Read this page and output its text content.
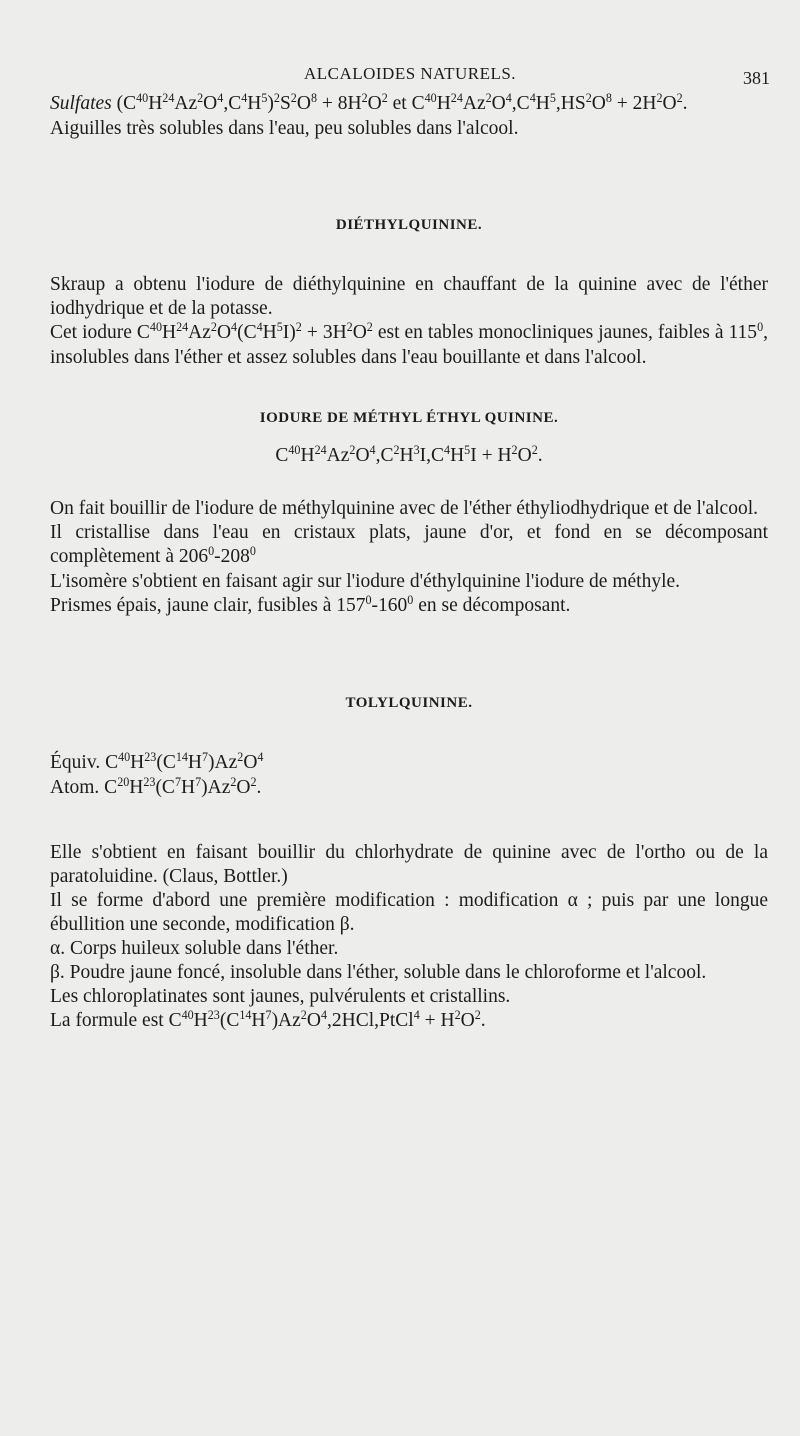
ALCALOIDES NATURELS.	381

Sulfates $(C^{40}H^{24}Az^2O^4,C^4H^5)^2S^2O^8 + 8H^2O^2$ et $C^{40}H^{24}Az^2O^4,C^4H^5,HS^2O^8 + 2H^2O^2$.

Aiguilles très solubles dans l'eau, peu solubles dans l'alcool.

DIÉTHYLQUININE.

Skraup a obtenu l'iodure de diéthylquinine en chauffant de la quinine avec de l'éther iodhydrique et de la potasse.

Cet iodure $C^{40}H^{24}Az^2O^4(C^4H^5I)^2 + 3H^2O^2$ est en tables monocliniques jaunes, faibles à $115^0$, insolubles dans l'éther et assez solubles dans l'eau bouillante et dans l'alcool.

IODURE DE MÉTHYL ÉTHYL QUININE.

$C^{40}H^{24}Az^2O^4,C^2H^3I,C^4H^5I + H^2O^2$.

On fait bouillir de l'iodure de méthylquinine avec de l'éther éthyliodhydrique et de l'alcool.

Il cristallise dans l'eau en cristaux plats, jaune d'or, et fond en se décomposant complètement à $206^0-208^0$

L'isomère s'obtient en faisant agir sur l'iodure d'éthylquinine l'iodure de méthyle.

Prismes épais, jaune clair, fusibles à $157^0-160^0$ en se décomposant.

TOLYLQUININE.

Équiv. $C^{40}H^{23}(C^{14}H^7)Az^2O^4$

Atom. $C^{20}H^{23}(C^7H^7)Az^2O^2$.

Elle s'obtient en faisant bouillir du chlorhydrate de quinine avec de l'ortho ou de la paratoluidine. (Claus, Bottler.)

Il se forme d'abord une première modification : modification α ; puis par une longue ébullition une seconde, modification β.

α. Corps huileux soluble dans l'éther.

β. Poudre jaune foncé, insoluble dans l'éther, soluble dans le chloroforme et l'alcool.

Les chloroplatinates sont jaunes, pulvérulents et cristallins.

La formule est $C^{40}H^{23}(C^{14}H^7)Az^2O^4,2HCl,PtCl^4 + H^2O^2$.
